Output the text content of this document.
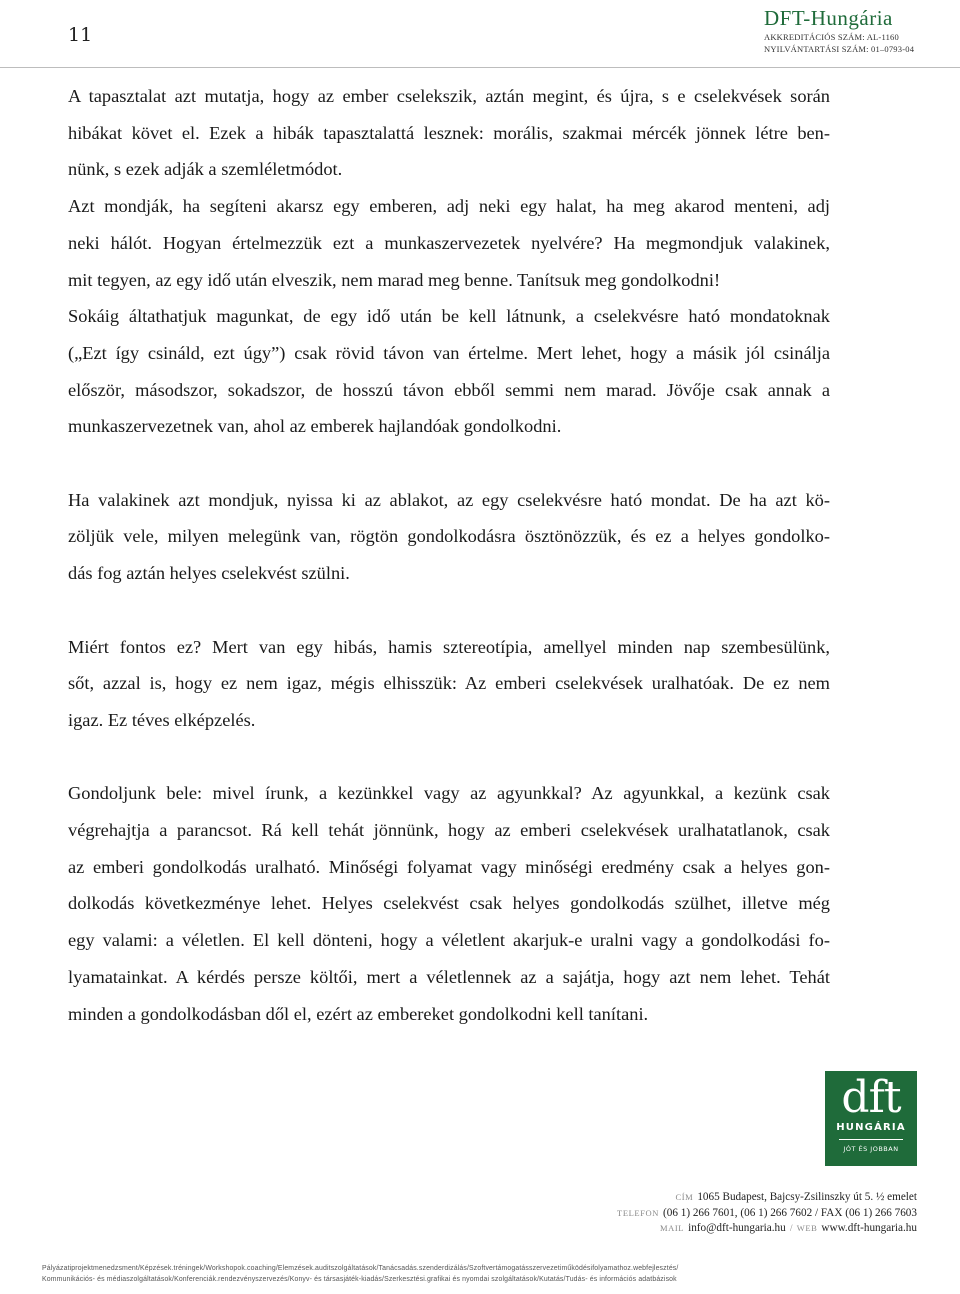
11
DFT-Hungária
AKKREDITÁCIÓS SZÁM: AL-1160
NYILVÁNTARTÁSI SZÁM: 01–0793-04

A tapasztalat azt mutatja, hogy az ember cselekszik, aztán megint, és újra, s e cselekvések során
hibákat követ el. Ezek a hibák tapasztalattá lesznek: morális, szakmai mércék jönnek létre ben-
nünk, s ezek adják a szemléletmódot.
Azt mondják, ha segíteni akarsz egy emberen, adj neki egy halat, ha meg akarod menteni, adj
neki hálót. Hogyan értelmezzük ezt a munkaszervezetek nyelvére? Ha megmondjuk valakinek,
mit tegyen, az egy idő után elveszik, nem marad meg benne. Tanítsuk meg gondolkodni!
Sokáig áltathatjuk magunkat, de egy idő után be kell látnunk, a cselekvésre ható mondatoknak
(„Ezt így csináld, ezt úgy”) csak rövid távon van értelme. Mert lehet, hogy a másik jól csinálja
először, másodszor, sokadszor, de hosszú távon ebből semmi nem marad. Jövője csak annak a
munkaszervezetnek van, ahol az emberek hajlandóak gondolkodni.

Ha valakinek azt mondjuk, nyissa ki az ablakot, az egy cselekvésre ható mondat. De ha azt kö-
zöljük vele, milyen melegünk van, rögtön gondolkodásra ösztönözzük, és ez a helyes gondolko-
dás fog aztán helyes cselekvést szülni.

Miért fontos ez? Mert van egy hibás, hamis sztereotípia, amellyel minden nap szembesülünk,
sőt, azzal is, hogy ez nem igaz, mégis elhisszük: Az emberi cselekvések uralhatóak. De ez nem
igaz. Ez téves elképzelés.

Gondoljunk bele: mivel írunk, a kezünkkel vagy az agyunkkal? Az agyunkkal, a kezünk csak
végrehajtja a parancsot. Rá kell tehát jönnünk, hogy az emberi cselekvések uralhatatlanok, csak
az emberi gondolkodás uralható. Minőségi folyamat vagy minőségi eredmény csak a helyes gon-
dolkodás következménye lehet. Helyes cselekvést csak helyes gondolkodás szülhet, illetve még
egy valami: a véletlen. El kell dönteni, hogy a véletlent akarjuk-e uralni vagy a gondolkodási fo-
lyamatainkat. A kérdés persze költői, mert a véletlennek az a sajátja, hogy azt nem lehet. Tehát
minden a gondolkodásban dől el, ezért az embereket gondolkodni kell tanítani.

dft
HUNGÁRIA
JÓT ÉS JOBBAN
CÍM 1065 Budapest, Bajcsy-Zsilinszky út 5. ½ emelet
TELEFON (06 1) 266 7601, (06 1) 266 7602 / FAX (06 1) 266 7603
MAIL info@dft-hungaria.hu / WEB www.dft-hungaria.hu
Pályázatiprojektmenedzsment/Képzések.tréningek/Workshopok.coaching/Elemzések.auditszolgáltatások/Tanácsadás.szenderdizálás/Szoftvertámogatásszervezetiműködésifolyamathoz.webfejlesztés/
Kommunikációs- és médiaszolgáltatások/Konferenciák.rendezvényszervezés/Konyv- és társasjáték-kiadás/Szerkesztési.grafikai és nyomdai szolgáltatások/Kutatás/Tudás- és információs adatbázisok
